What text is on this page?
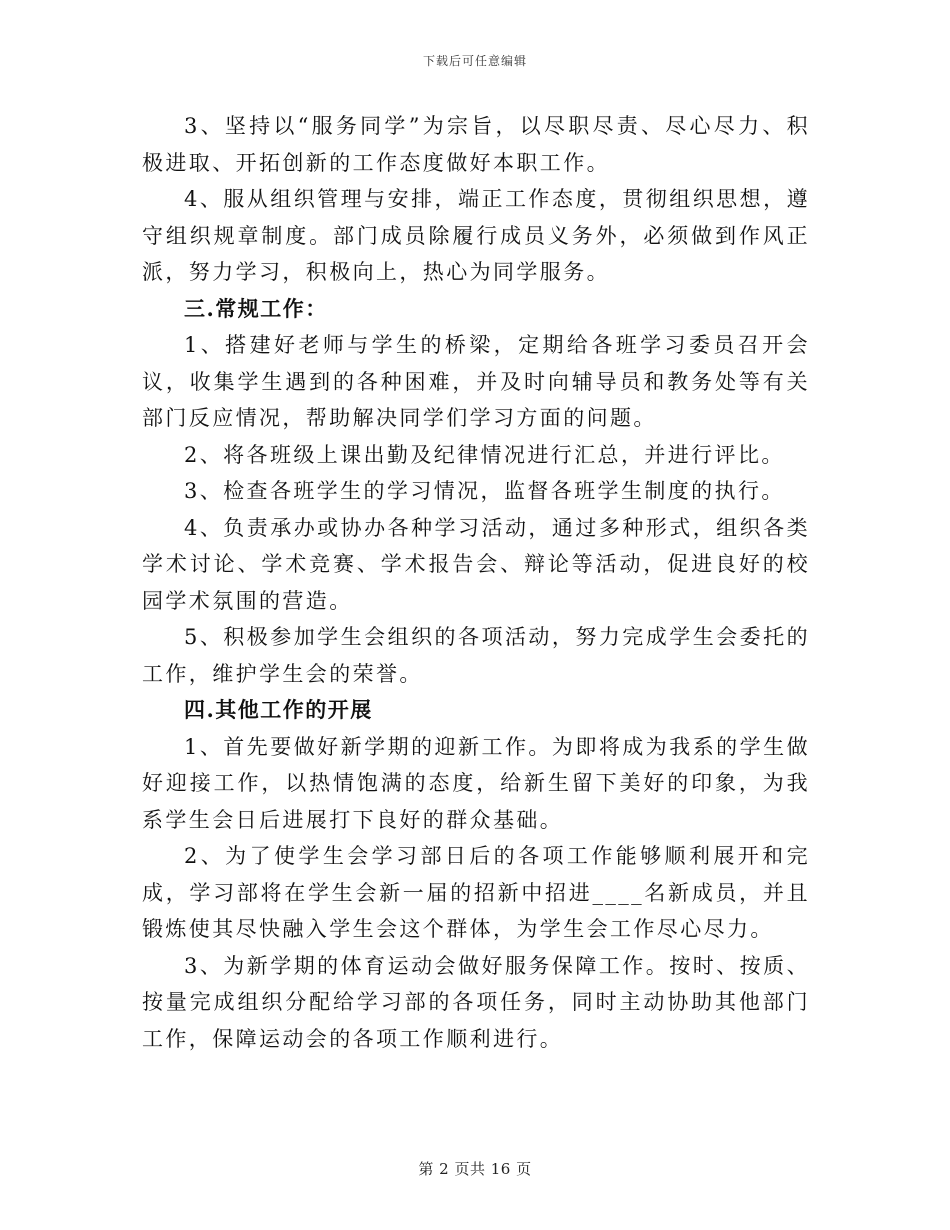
下载后可任意编辑

3、坚持以“服务同学”为宗旨，以尽职尽责、尽心尽力、积极进取、开拓创新的工作态度做好本职工作。

4、服从组织管理与安排，端正工作态度，贯彻组织思想，遵守组织规章制度。部门成员除履行成员义务外，必须做到作风正派，努力学习，积极向上，热心为同学服务。

三.常规工作：

1、搭建好老师与学生的桥梁，定期给各班学习委员召开会议，收集学生遇到的各种困难，并及时向辅导员和教务处等有关部门反应情况，帮助解决同学们学习方面的问题。

2、将各班级上课出勤及纪律情况进行汇总，并进行评比。

3、检查各班学生的学习情况，监督各班学生制度的执行。

4、负责承办或协办各种学习活动，通过多种形式，组织各类学术讨论、学术竞赛、学术报告会、辩论等活动，促进良好的校园学术氛围的营造。

5、积极参加学生会组织的各项活动，努力完成学生会委托的工作，维护学生会的荣誉。

四.其他工作的开展

1、首先要做好新学期的迎新工作。为即将成为我系的学生做好迎接工作，以热情饱满的态度，给新生留下美好的印象，为我系学生会日后进展打下良好的群众基础。

2、为了使学生会学习部日后的各项工作能够顺利展开和完成，学习部将在学生会新一届的招新中招进____名新成员，并且锻炼使其尽快融入学生会这个群体，为学生会工作尽心尽力。

3、为新学期的体育运动会做好服务保障工作。按时、按质、按量完成组织分配给学习部的各项任务，同时主动协助其他部门工作，保障运动会的各项工作顺利进行。

第 2 页共 16 页
